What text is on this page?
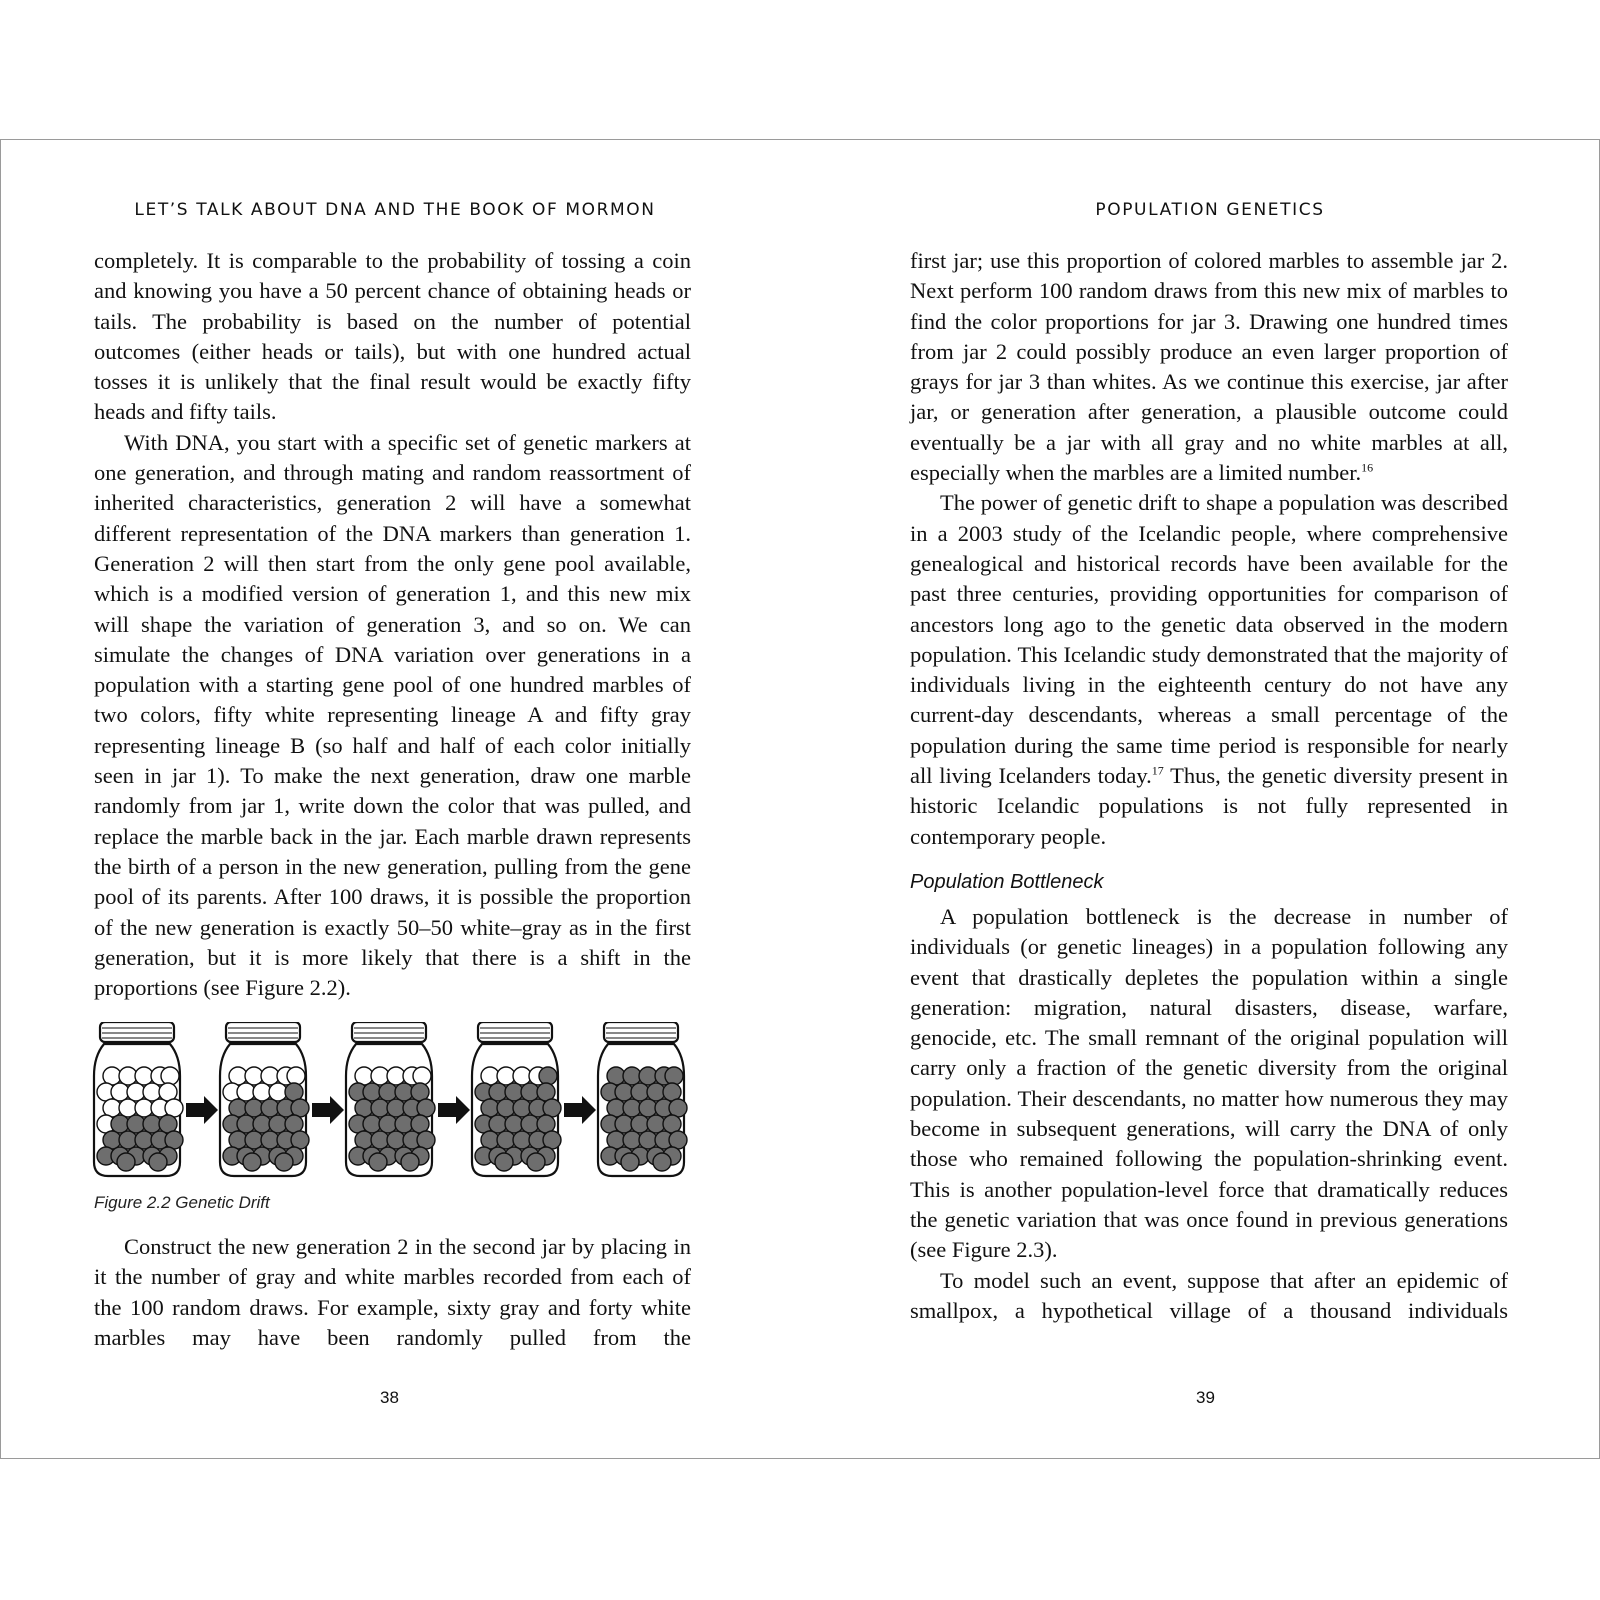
LET’S TALK ABOUT DNA AND THE BOOK OF MORMON	POPULATION GENETICS

completely. It is comparable to the probability of tossing a coin and knowing you have a 50 percent chance of obtaining heads or tails. The probability is based on the number of potential outcomes (either heads or tails), but with one hundred actual tosses it is unlikely that the final result would be exactly fifty heads and fifty tails.

With DNA, you start with a specific set of genetic markers at one generation, and through mating and random reassortment of inherited characteristics, generation 2 will have a somewhat different representation of the DNA markers than generation 1. Generation 2 will then start from the only gene pool available, which is a modified version of generation 1, and this new mix will shape the variation of generation 3, and so on. We can simulate the changes of DNA variation over generations in a population with a starting gene pool of one hundred marbles of two colors, fifty white representing lineage A and fifty gray representing lineage B (so half and half of each color initially seen in jar 1). To make the next generation, draw one marble randomly from jar 1, write down the color that was pulled, and replace the marble back in the jar. Each marble drawn represents the birth of a person in the new generation, pulling from the gene pool of its parents. After 100 draws, it is possible the proportion of the new generation is exactly 50–50 white–gray as in the first generation, but it is more likely that there is a shift in the proportions (see Figure 2.2).

Figure 2.2 Genetic Drift

Construct the new generation 2 in the second jar by placing in it the number of gray and white marbles recorded from each of the 100 random draws. For example, sixty gray and forty white marbles may have been randomly pulled from the

first jar; use this proportion of colored marbles to assemble jar 2. Next perform 100 random draws from this new mix of marbles to find the color proportions for jar 3. Drawing one hundred times from jar 2 could possibly produce an even larger proportion of grays for jar 3 than whites. As we continue this exercise, jar after jar, or generation after generation, a plausible outcome could eventually be a jar with all gray and no white marbles at all, especially when the marbles are a limited number.$^{16}$

The power of genetic drift to shape a population was described in a 2003 study of the Icelandic people, where comprehensive genealogical and historical records have been available for the past three centuries, providing opportunities for comparison of ancestors long ago to the genetic data observed in the modern population. This Icelandic study demonstrated that the majority of individuals living in the eighteenth century do not have any current-day descendants, whereas a small percentage of the population during the same time period is responsible for nearly all living Icelanders today.$^{17}$ Thus, the genetic diversity present in historic Icelandic populations is not fully represented in contemporary people.

Population Bottleneck

A population bottleneck is the decrease in number of individuals (or genetic lineages) in a population following any event that drastically depletes the population within a single generation: migration, natural disasters, disease, warfare, genocide, etc. The small remnant of the original population will carry only a fraction of the genetic diversity from the original population. Their descendants, no matter how numerous they may become in subsequent generations, will carry the DNA of only those who remained following the population-shrinking event. This is another population-level force that dramatically reduces the genetic variation that was once found in previous generations (see Figure 2.3).

To model such an event, suppose that after an epidemic of smallpox, a hypothetical village of a thousand individuals

38	39
